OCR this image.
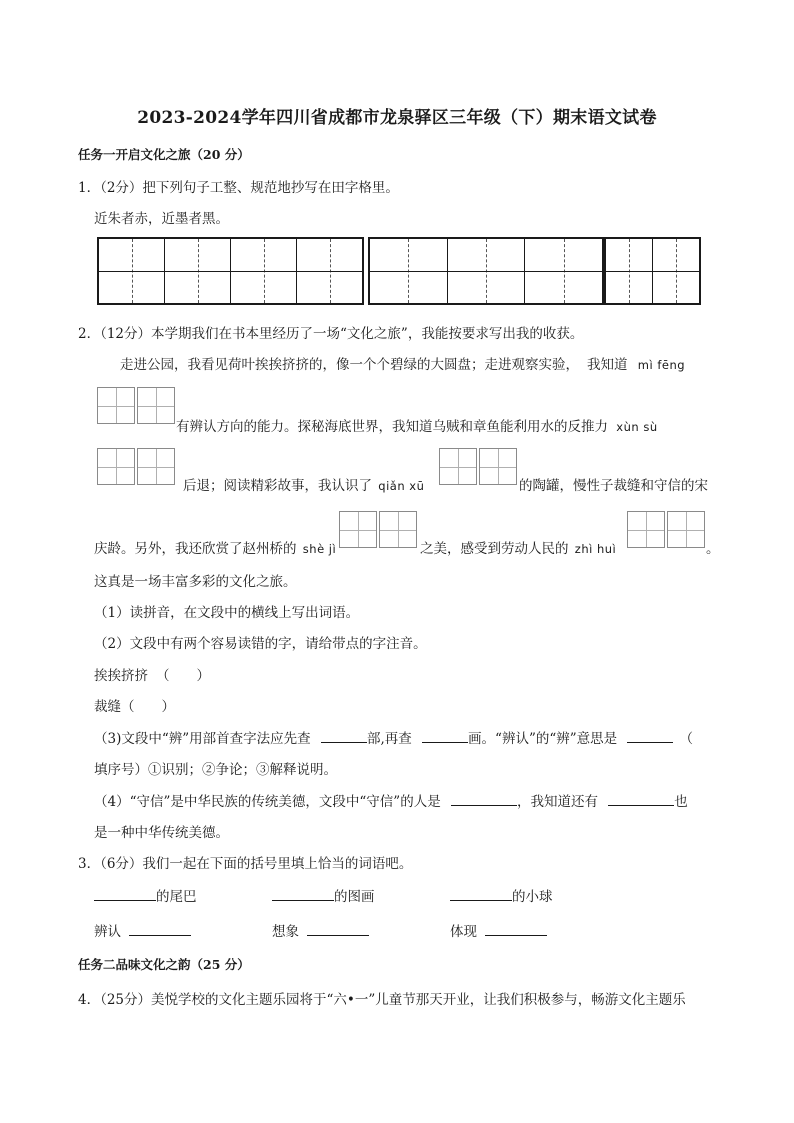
2023-2024学年四川省成都市龙泉驿区三年级（下）期末语文试卷
任务一开启文化之旅（20 分）
1．（2分）把下列句子工整、规范地抄写在田字格里。
近朱者赤，近墨者黑。
2．（12分）本学期我们在书本里经历了一场“文化之旅”，我能按要求写出我的收获。
走进公园，我看见荷叶挨挨挤挤的，像一个个碧绿的大圆盘；走进观察实验， 我知道 mì fēng
有辨认方向的能力。探秘海底世界，我知道乌贼和章鱼能利用水的反推力 xùn sù
后退；阅读精彩故事，我认识了 qiǎn xū	的陶罐，慢性子裁缝和守信的宋
庆龄。另外，我还欣赏了赵州桥的 shè jì	之美，感受到劳动人民的 zhì huì	。
这真是一场丰富多彩的文化之旅。
（1）读拼音，在文段中的横线上写出词语。
（2）文段中有两个容易读错的字，请给带点的字注音。
挨挨挤挤 （　　）
裁缝（　　）
（3)文段中“辨”用部首查字法应先查	部,再查	画。“辨认”的“辨”意思是	（
填序号）①识别；②争论；③解释说明。
（4）“守信”是中华民族的传统美德，文段中“守信”的人是	，我知道还有	也
是一种中华传统美德。
3．（6分）我们一起在下面的括号里填上恰当的词语吧。
的尾巴	的图画	的小球
辨认	想象	体现
任务二品味文化之韵（25 分）
4．（25分）美悦学校的文化主题乐园将于“六•一”儿童节那天开业，让我们积极参与，畅游文化主题乐
